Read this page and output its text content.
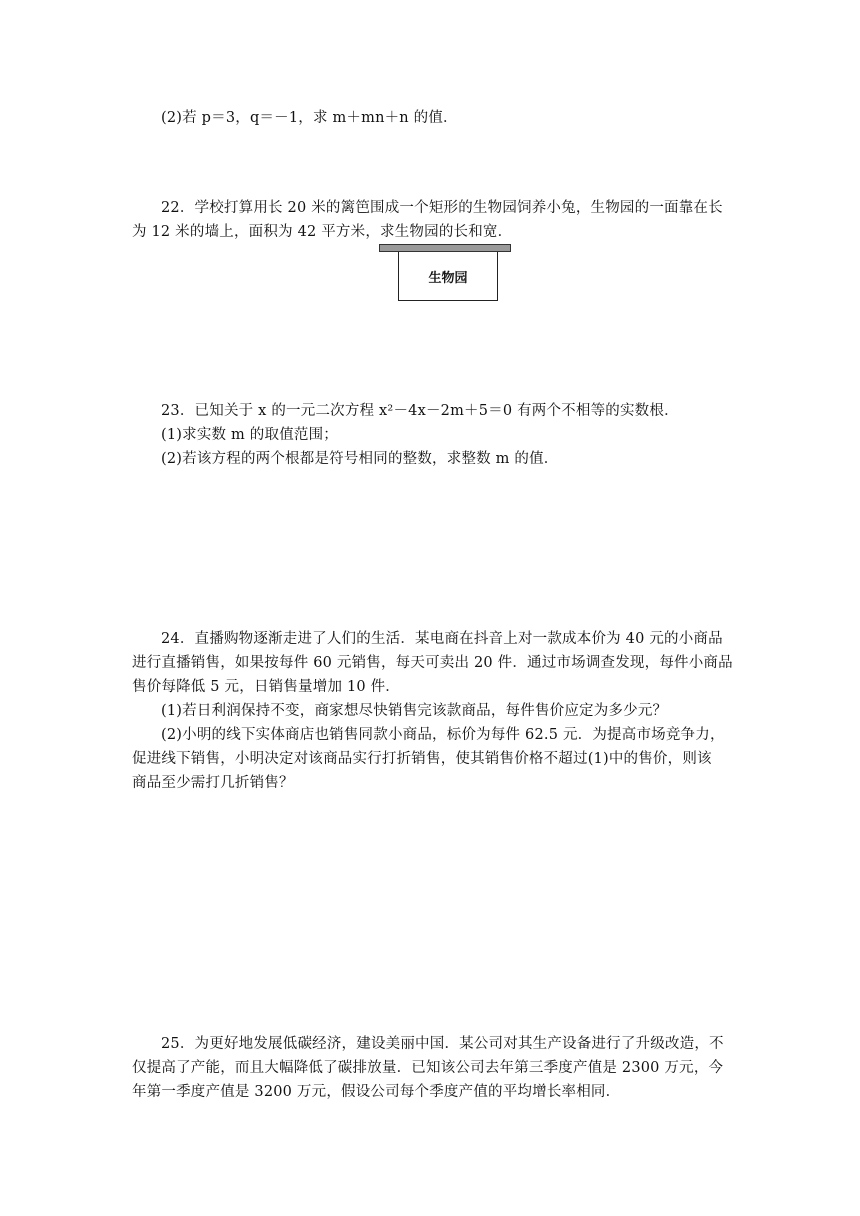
(2)若 p＝3，q＝－1，求 m＋mn＋n 的值．
22．学校打算用长 20 米的篱笆围成一个矩形的生物园饲养小兔，生物园的一面靠在长
为 12 米的墙上，面积为 42 平方米，求生物园的长和宽．
生物园
23．已知关于 x 的一元二次方程 x²－4x－2m＋5＝0 有两个不相等的实数根．
(1)求实数 m 的取值范围；
(2)若该方程的两个根都是符号相同的整数，求整数 m 的值．
24．直播购物逐渐走进了人们的生活．某电商在抖音上对一款成本价为 40 元的小商品
进行直播销售，如果按每件 60 元销售，每天可卖出 20 件．通过市场调查发现，每件小商品
售价每降低 5 元，日销售量增加 10 件．
(1)若日利润保持不变，商家想尽快销售完该款商品，每件售价应定为多少元？
(2)小明的线下实体商店也销售同款小商品，标价为每件 62.5 元．为提高市场竞争力，
促进线下销售，小明决定对该商品实行打折销售，使其销售价格不超过(1)中的售价，则该
商品至少需打几折销售？
25．为更好地发展低碳经济，建设美丽中国．某公司对其生产设备进行了升级改造，不
仅提高了产能，而且大幅降低了碳排放量．已知该公司去年第三季度产值是 2300 万元，今
年第一季度产值是 3200 万元，假设公司每个季度产值的平均增长率相同．
